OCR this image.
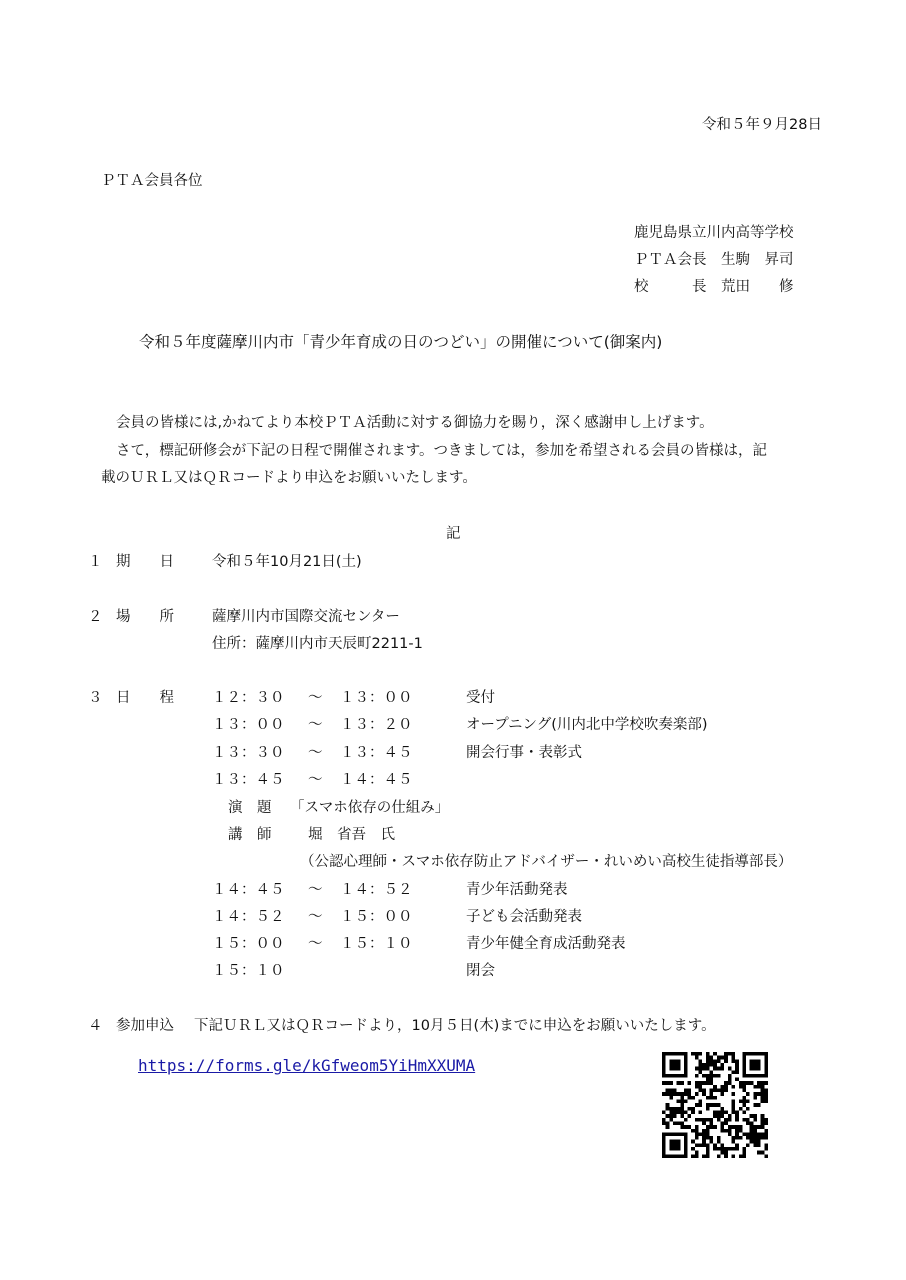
令和５年９月28日
ＰＴＡ会員各位
鹿児島県立川内高等学校
ＰＴＡ会長　生駒　昇司
校　　　長　荒田　　修
令和５年度薩摩川内市「青少年育成の日のつどい」の開催について(御案内)
会員の皆様には,かねてより本校ＰＴＡ活動に対する御協力を賜り，深く感謝申し上げます。
さて，標記研修会が下記の日程で開催されます。つきましては，参加を希望される会員の皆様は，記
載のＵＲＬ又はＱＲコードより申込をお願いいたします。
記
１ 期　　日	令和５年10月21日(土)
２ 場　　所	薩摩川内市国際交流センター
住所：薩摩川内市天辰町2211-1
３ 日　　程	１２：３０ ～ １３：００	受付
１３：００ ～ １３：２０	オープニング(川内北中学校吹奏楽部)
１３：３０ ～ １３：４５	開会行事・表彰式
１３：４５ ～ １４：４５
演　題 「スマホ依存の仕組み」
講　師	堀　省吾　氏
（公認心理師・スマホ依存防止アドバイザー・れいめい高校生徒指導部長）
１４：４５ ～ １４：５２	青少年活動発表
１４：５２ ～ １５：００	子ども会活動発表
１５：００ ～ １５：１０	青少年健全育成活動発表
１５：１０	閉会
４ 参加申込 下記ＵＲＬ又はＱＲコードより，10月５日(木)までに申込をお願いいたします。
https://forms.gle/kGfweom5YiHmXXUMA
